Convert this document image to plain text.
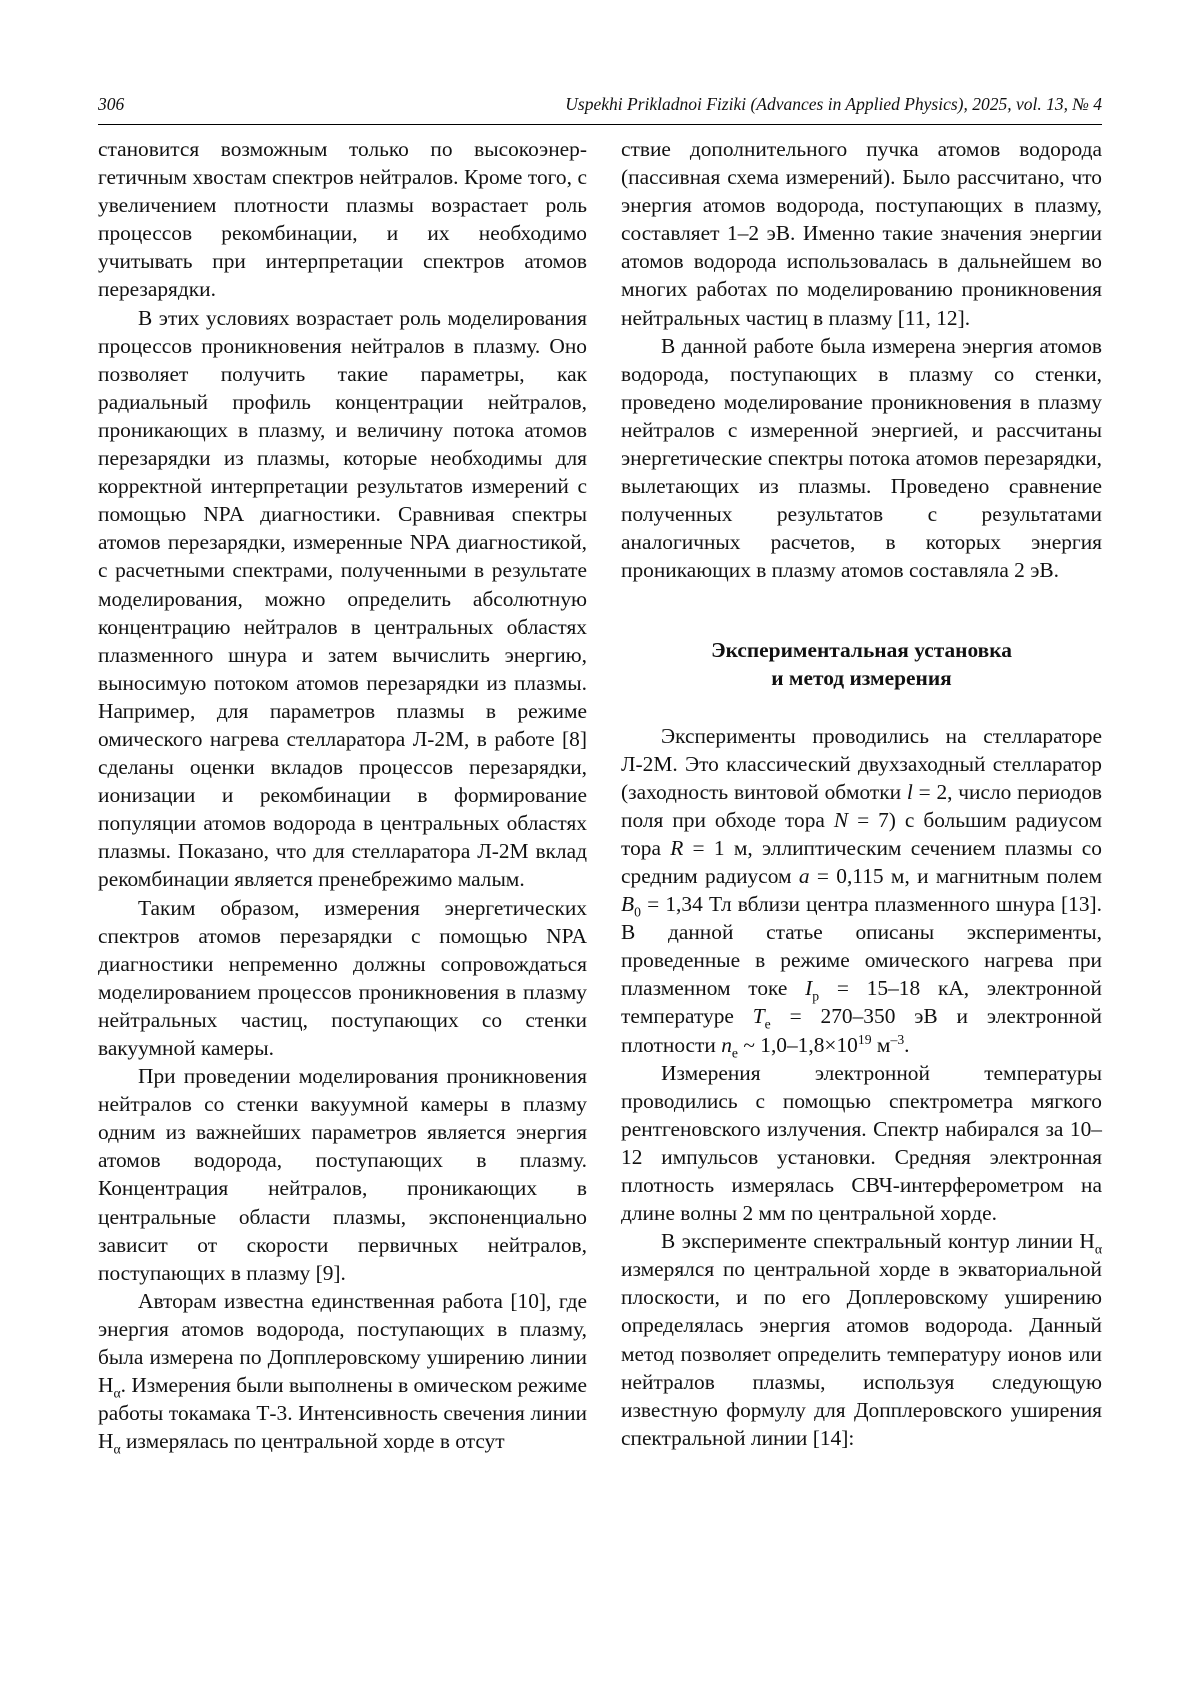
306	Uspekhi Prikladnoi Fiziki (Advances in Applied Physics), 2025, vol. 13, № 4

становится возможным только по высокоэнергетичным хвостам спектров нейтралов. Кроме того, с увеличением плотности плазмы возрастает роль процессов рекомбинации, и их необходимо учитывать при интерпретации спектров атомов перезарядки.

В этих условиях возрастает роль моделирования процессов проникновения нейтралов в плазму. Оно позволяет получить такие параметры, как радиальный профиль концентрации нейтралов, проникающих в плазму, и величину потока атомов перезарядки из плазмы, которые необходимы для корректной интерпретации результатов измерений с помощью NPA диагностики. Сравнивая спектры атомов перезарядки, измеренные NPA диагностикой, с расчетными спектрами, полученными в результате моделирования, можно определить абсолютную концентрацию нейтралов в центральных областях плазменного шнура и затем вычислить энергию, выносимую потоком атомов перезарядки из плазмы. Например, для параметров плазмы в режиме омического нагрева стелларатора Л-2М, в работе [8] сделаны оценки вкладов процессов перезарядки, ионизации и рекомбинации в формирование популяции атомов водорода в центральных областях плазмы. Показано, что для стелларатора Л-2М вклад рекомбинации является пренебрежимо малым.

Таким образом, измерения энергетических спектров атомов перезарядки с помощью NPA диагностики непременно должны сопровождаться моделированием процессов проникновения в плазму нейтральных частиц, поступающих со стенки вакуумной камеры.

При проведении моделирования проникновения нейтралов со стенки вакуумной камеры в плазму одним из важнейших параметров является энергия атомов водорода, поступающих в плазму. Концентрация нейтралов, проникающих в центральные области плазмы, экспоненциально зависит от скорости первичных нейтралов, поступающих в плазму [9].

Авторам известна единственная работа [10], где энергия атомов водорода, поступающих в плазму, была измерена по Допплеровскому уширению линии $H_\alpha$. Измерения были выполнены в омическом режиме работы токамака Т-3. Интенсивность свечения линии $H_\alpha$ измерялась по центральной хорде в отсут

ствие дополнительного пучка атомов водорода (пассивная схема измерений). Было рассчитано, что энергия атомов водорода, поступающих в плазму, составляет 1–2 эВ. Именно такие значения энергии атомов водорода использовалась в дальнейшем во многих работах по моделированию проникновения нейтральных частиц в плазму [11, 12].

В данной работе была измерена энергия атомов водорода, поступающих в плазму со стенки, проведено моделирование проникновения в плазму нейтралов с измеренной энергией, и рассчитаны энергетические спектры потока атомов перезарядки, вылетающих из плазмы. Проведено сравнение полученных результатов с результатами аналогичных расчетов, в которых энергия проникающих в плазму атомов составляла 2 эВ.

Экспериментальная установка
и метод измерения

Эксперименты проводились на стеллараторе Л-2М. Это классический двухзаходный стелларатор (заходность винтовой обмотки l = 2, число периодов поля при обходе тора N = 7) с большим радиусом тора R = 1 м, эллиптическим сечением плазмы со средним радиусом a = 0,115 м, и магнитным полем $B_0 = 1,34$ Тл вблизи центра плазменного шнура [13]. В данной статье описаны эксперименты, проведенные в режиме омического нагрева при плазменном токе $I_p = 15-18$ кА, электронной температуре $T_e = 270-350$ эВ и электронной плотности $n_e$ ~ $1,0-1,8\times 10^{19}$ $м^{-3}$.

Измерения электронной температуры проводились с помощью спектрометра мягкого рентгеновского излучения. Спектр набирался за 10–12 импульсов установки. Средняя электронная плотность измерялась СВЧ-интерферометром на длине волны 2 мм по центральной хорде.

В эксперименте спектральный контур линии $H_\alpha$ измерялся по центральной хорде в экваториальной плоскости, и по его Доплеровскому уширению определялась энергия атомов водорода. Данный метод позволяет определить температуру ионов или нейтралов плазмы, используя следующую известную формулу для Допплеровского уширения спектральной линии [14]:
